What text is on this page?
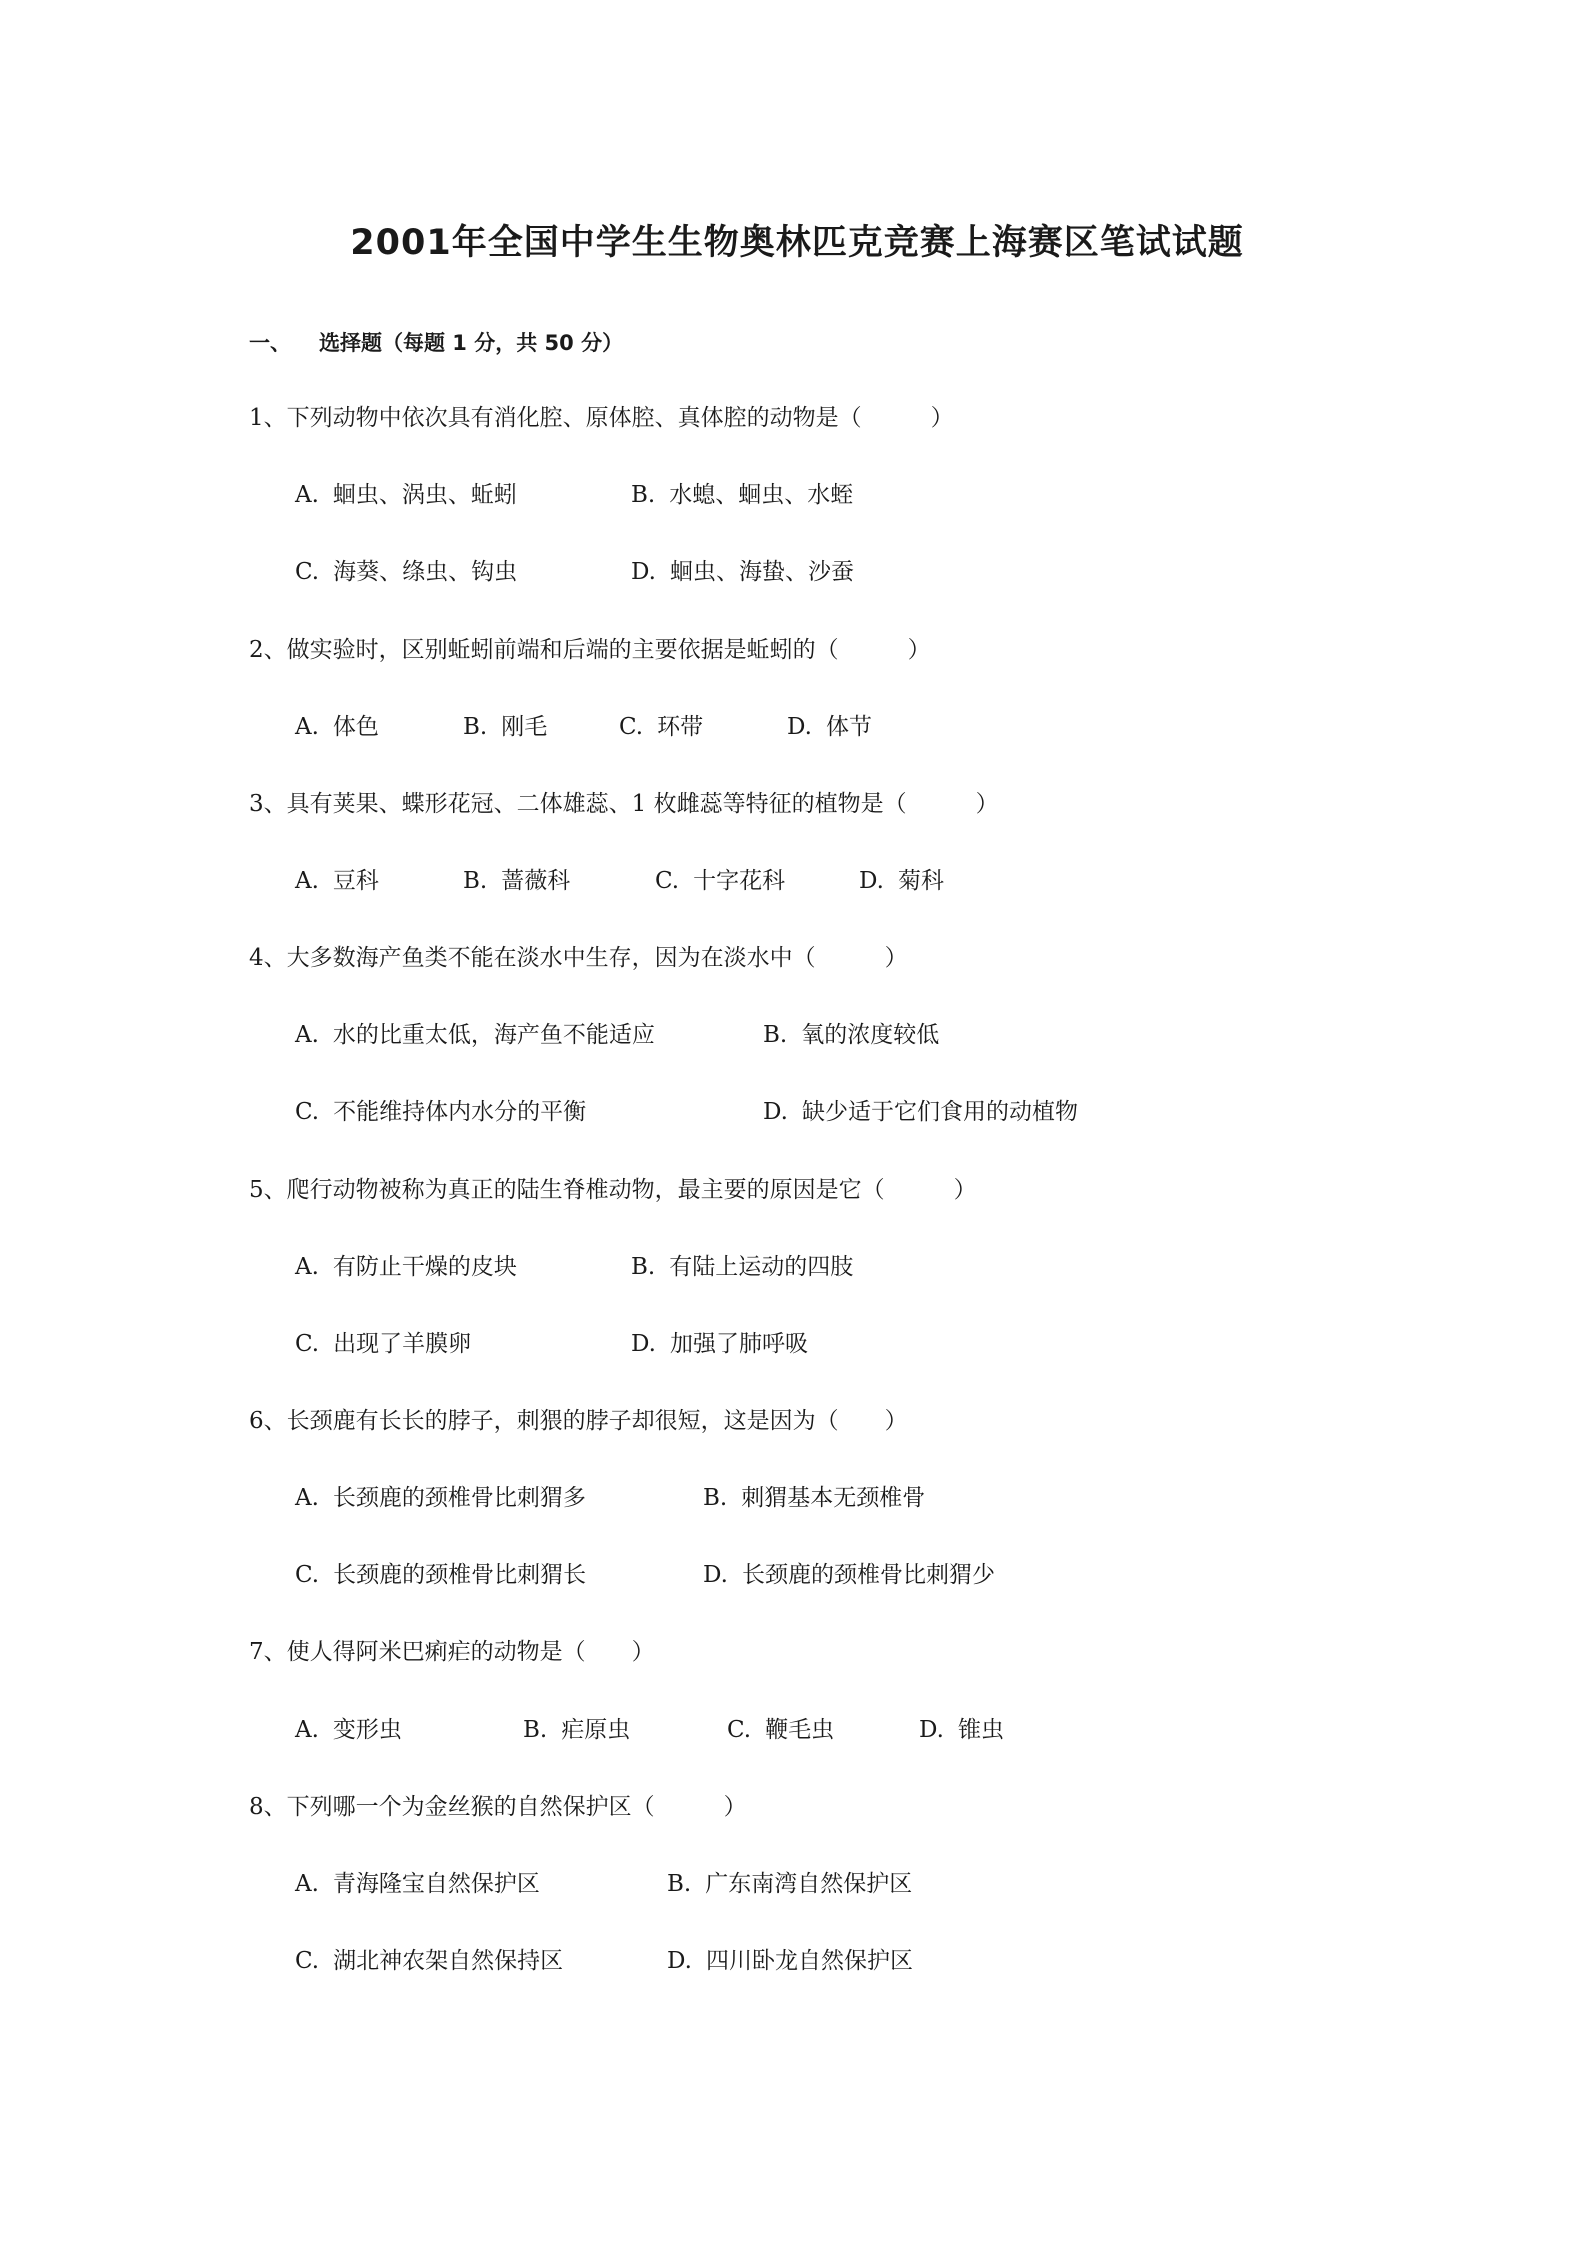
2001年全国中学生生物奥林匹克竞赛上海赛区笔试试题
一、 选择题（每题 1 分，共 50 分）
1、下列动物中依次具有消化腔、原体腔、真体腔的动物是（　　　）
A. 蛔虫、涡虫、蚯蚓	B. 水螅、蛔虫、水蛭
C. 海葵、绦虫、钩虫	D. 蛔虫、海蛰、沙蚕
2、做实验时，区别蚯蚓前端和后端的主要依据是蚯蚓的（　　　）
A. 体色	B. 刚毛	C. 环带	D. 体节
3、具有荚果、蝶形花冠、二体雄蕊、1 枚雌蕊等特征的植物是（　　　）
A. 豆科	B. 蔷薇科	C. 十字花科	D. 菊科
4、大多数海产鱼类不能在淡水中生存，因为在淡水中（　　　）
A. 水的比重太低，海产鱼不能适应	B. 氧的浓度较低
C. 不能维持体内水分的平衡	D. 缺少适于它们食用的动植物
5、爬行动物被称为真正的陆生脊椎动物，最主要的原因是它（　　　）
A. 有防止干燥的皮块	B. 有陆上运动的四肢
C. 出现了羊膜卵	D. 加强了肺呼吸
6、长颈鹿有长长的脖子，刺猥的脖子却很短，这是因为（　　）
A. 长颈鹿的颈椎骨比刺猬多	B. 刺猬基本无颈椎骨
C. 长颈鹿的颈椎骨比刺猬长	D. 长颈鹿的颈椎骨比刺猬少
7、使人得阿米巴痢疟的动物是（　　）
A. 变形虫	B. 疟原虫	C. 鞭毛虫	D. 锥虫
8、下列哪一个为金丝猴的自然保护区（　　　）
A. 青海隆宝自然保护区	B. 广东南湾自然保护区
C. 湖北神农架自然保持区	D. 四川卧龙自然保护区
